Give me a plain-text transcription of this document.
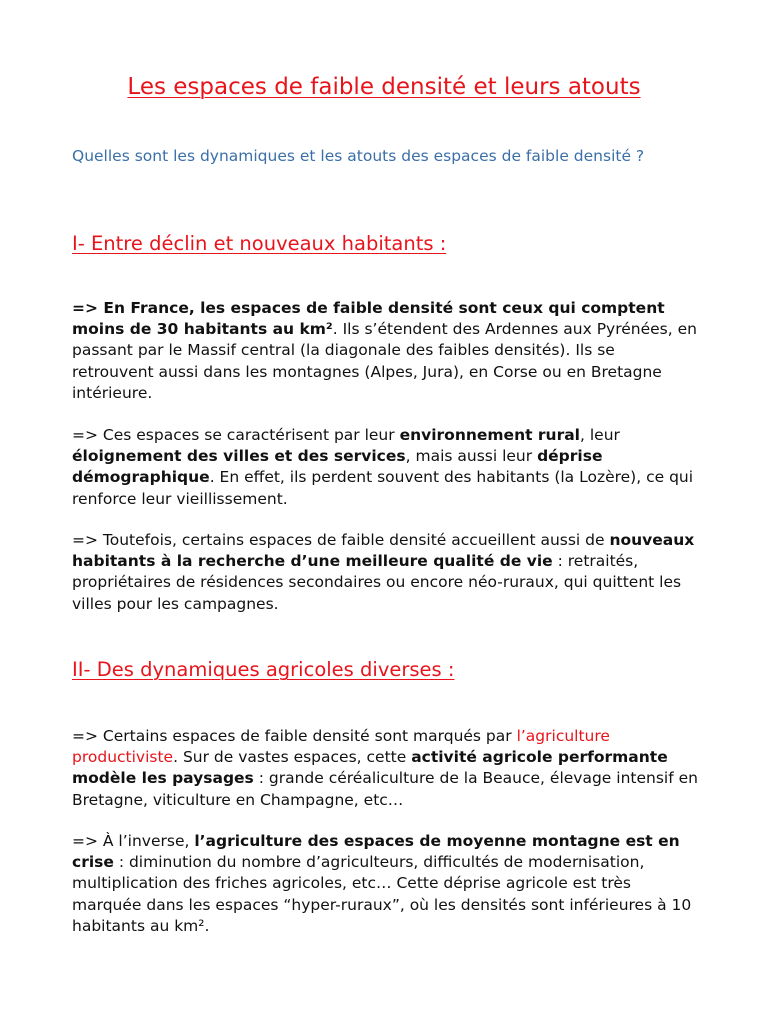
Les espaces de faible densité et leurs atouts
Quelles sont les dynamiques et les atouts des espaces de faible densité ?
I- Entre déclin et nouveaux habitants :
=> En France, les espaces de faible densité sont ceux qui comptent moins de 30 habitants au km². Ils s’étendent des Ardennes aux Pyrénées, en passant par le Massif central (la diagonale des faibles densités). Ils se retrouvent aussi dans les montagnes (Alpes, Jura), en Corse ou en Bretagne intérieure.
=> Ces espaces se caractérisent par leur environnement rural, leur éloignement des villes et des services, mais aussi leur déprise démographique. En effet, ils perdent souvent des habitants (la Lozère), ce qui renforce leur vieillissement.
=> Toutefois, certains espaces de faible densité accueillent aussi de nouveaux habitants à la recherche d’une meilleure qualité de vie : retraités, propriétaires de résidences secondaires ou encore néo-ruraux, qui quittent les villes pour les campagnes.
II- Des dynamiques agricoles diverses :
=> Certains espaces de faible densité sont marqués par l’agriculture productiviste. Sur de vastes espaces, cette activité agricole performante modèle les paysages : grande céréaliculture de la Beauce, élevage intensif en Bretagne, viticulture en Champagne, etc…
=> À l’inverse, l’agriculture des espaces de moyenne montagne est en crise : diminution du nombre d’agriculteurs, difficultés de modernisation, multiplication des friches agricoles, etc… Cette déprise agricole est très marquée dans les espaces “hyper-ruraux”, où les densités sont inférieures à 10 habitants au km².
